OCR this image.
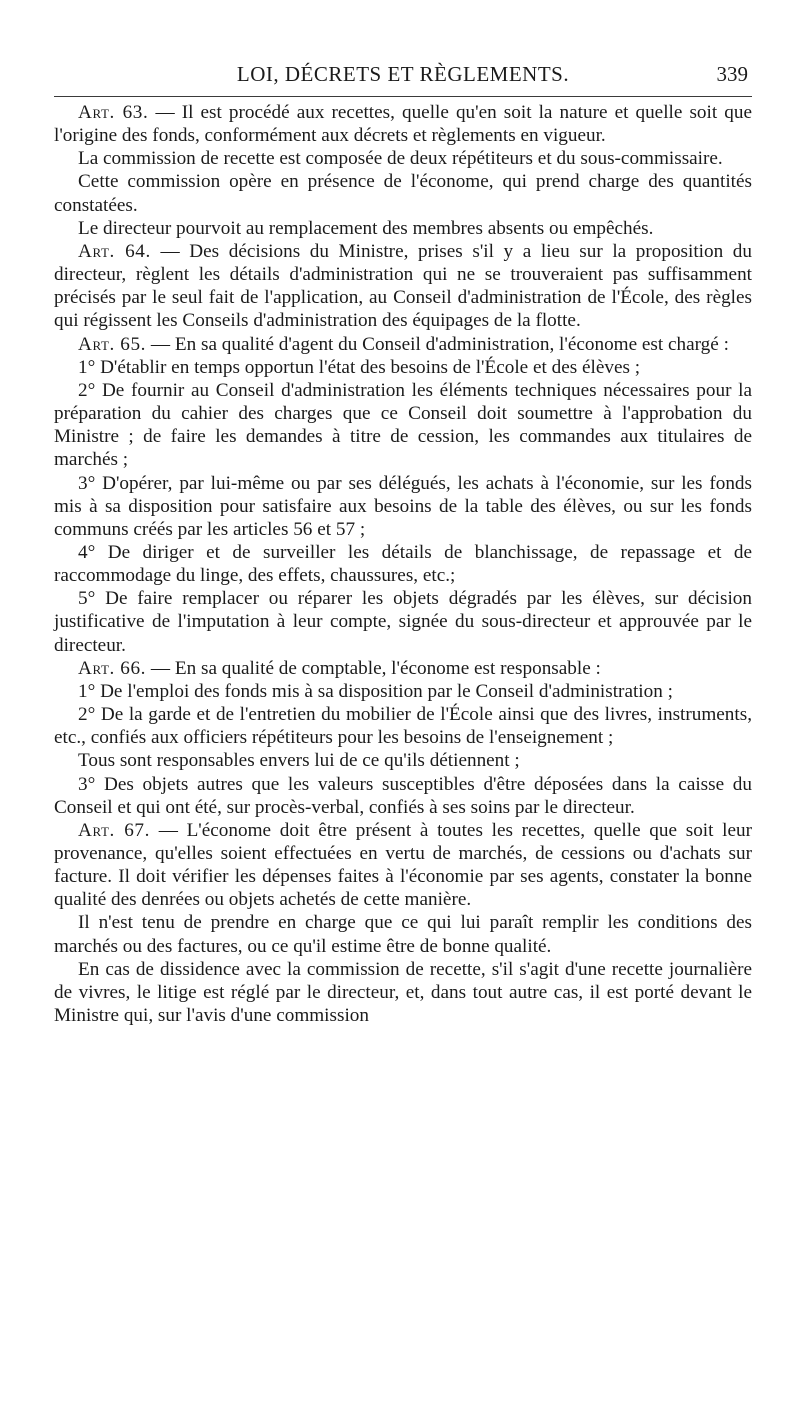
LOI, DÉCRETS ET RÈGLEMENTS.	339

Art. 63. — Il est procédé aux recettes, quelle qu'en soit la nature et quelle soit que l'origine des fonds, conformément aux décrets et règlements en vigueur.

La commission de recette est composée de deux répétiteurs et du sous-commissaire.

Cette commission opère en présence de l'économe, qui prend charge des quantités constatées.

Le directeur pourvoit au remplacement des membres absents ou empêchés.

Art. 64. — Des décisions du Ministre, prises s'il y a lieu sur la proposition du directeur, règlent les détails d'administration qui ne se trouveraient pas suffisamment précisés par le seul fait de l'application, au Conseil d'administration de l'École, des règles qui régissent les Conseils d'administration des équipages de la flotte.

Art. 65. — En sa qualité d'agent du Conseil d'administration, l'économe est chargé :

1° D'établir en temps opportun l'état des besoins de l'École et des élèves ;

2° De fournir au Conseil d'administration les éléments techniques nécessaires pour la préparation du cahier des charges que ce Conseil doit soumettre à l'approbation du Ministre ; de faire les demandes à titre de cession, les commandes aux titulaires de marchés ;

3° D'opérer, par lui-même ou par ses délégués, les achats à l'économie, sur les fonds mis à sa disposition pour satisfaire aux besoins de la table des élèves, ou sur les fonds communs créés par les articles 56 et 57 ;

4° De diriger et de surveiller les détails de blanchissage, de repassage et de raccommodage du linge, des effets, chaussures, etc.;

5° De faire remplacer ou réparer les objets dégradés par les élèves, sur décision justificative de l'imputation à leur compte, signée du sous-directeur et approuvée par le directeur.

Art. 66. — En sa qualité de comptable, l'économe est responsable :

1° De l'emploi des fonds mis à sa disposition par le Conseil d'administration ;

2° De la garde et de l'entretien du mobilier de l'École ainsi que des livres, instruments, etc., confiés aux officiers répétiteurs pour les besoins de l'enseignement ;

Tous sont responsables envers lui de ce qu'ils détiennent ;

3° Des objets autres que les valeurs susceptibles d'être déposées dans la caisse du Conseil et qui ont été, sur procès-verbal, confiés à ses soins par le directeur.

Art. 67. — L'économe doit être présent à toutes les recettes, quelle que soit leur provenance, qu'elles soient effectuées en vertu de marchés, de cessions ou d'achats sur facture. Il doit vérifier les dépenses faites à l'économie par ses agents, constater la bonne qualité des denrées ou objets achetés de cette manière.

Il n'est tenu de prendre en charge que ce qui lui paraît remplir les conditions des marchés ou des factures, ou ce qu'il estime être de bonne qualité.

En cas de dissidence avec la commission de recette, s'il s'agit d'une recette journalière de vivres, le litige est réglé par le directeur, et, dans tout autre cas, il est porté devant le Ministre qui, sur l'avis d'une commission
